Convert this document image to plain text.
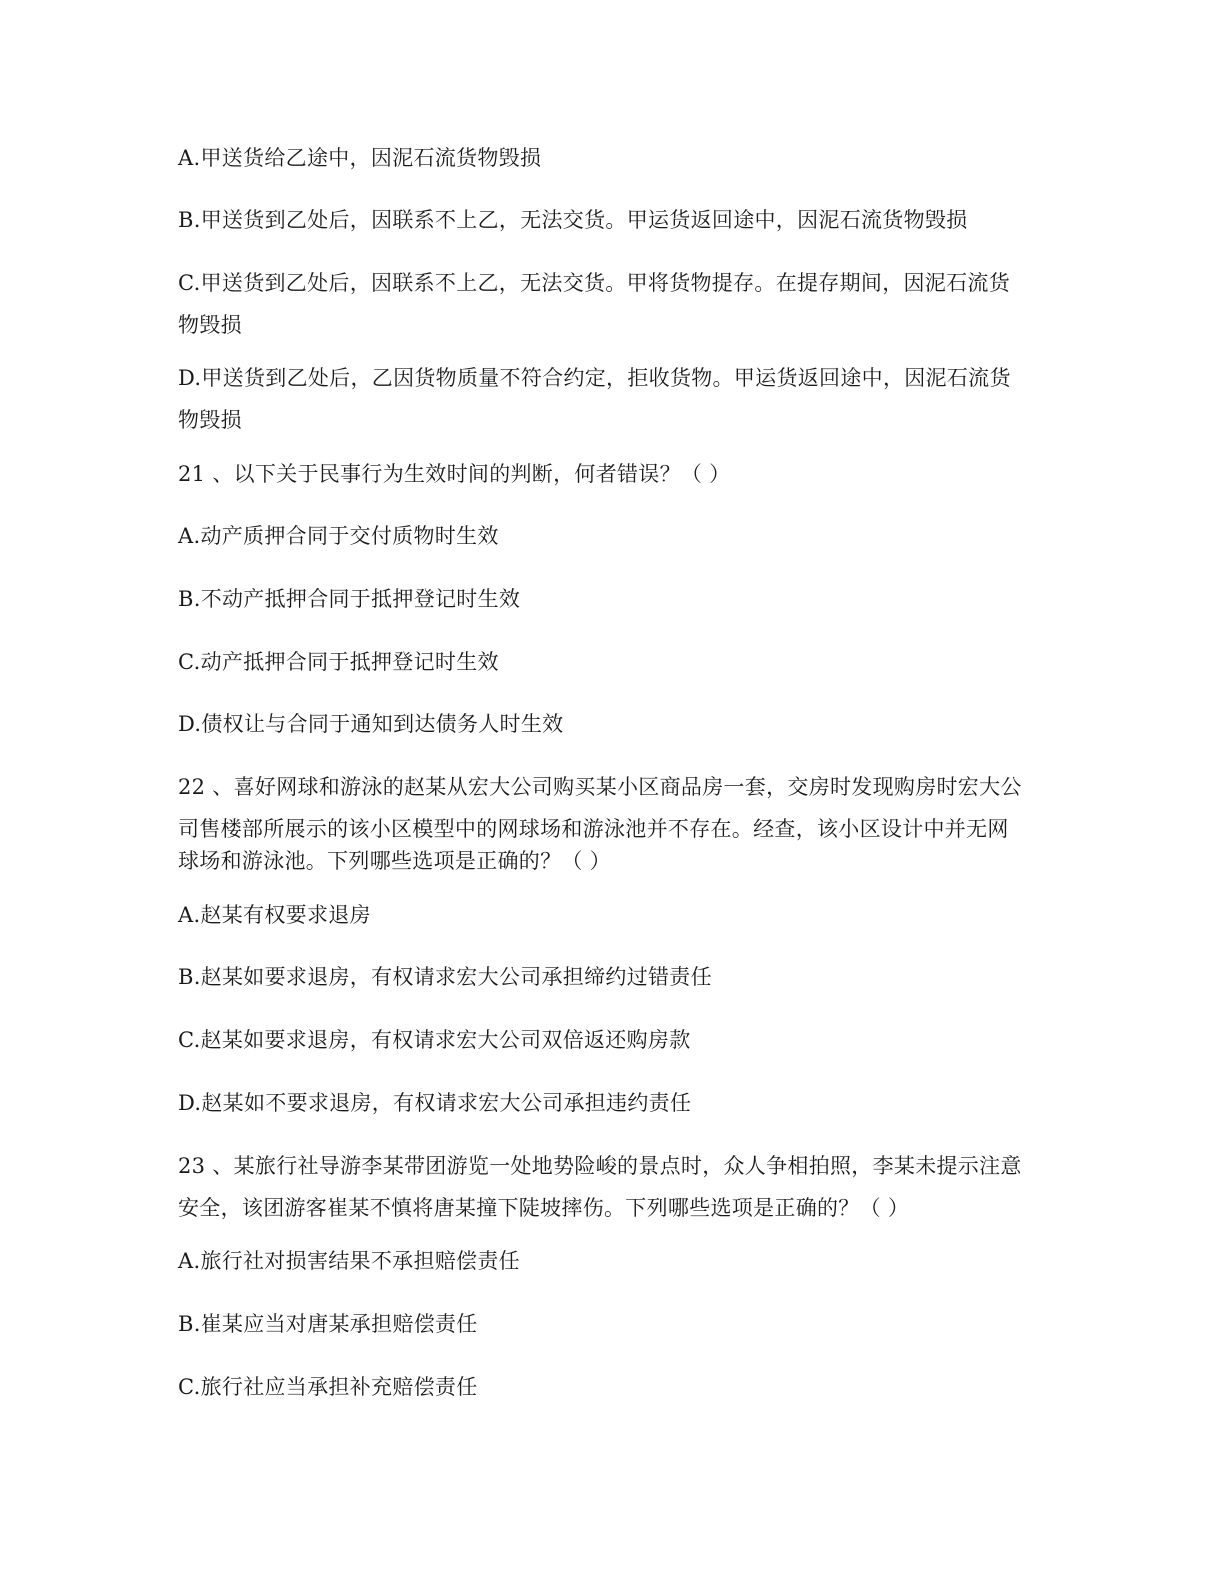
A.甲送货给乙途中，因泥石流货物毁损
B.甲送货到乙处后，因联系不上乙，无法交货。甲运货返回途中，因泥石流货物毁损
C.甲送货到乙处后，因联系不上乙，无法交货。甲将货物提存。在提存期间，因泥石流货
物毁损
D.甲送货到乙处后，乙因货物质量不符合约定，拒收货物。甲运货返回途中，因泥石流货
物毁损
21 、以下关于民事行为生效时间的判断，何者错误？（ ）
A.动产质押合同于交付质物时生效
B.不动产抵押合同于抵押登记时生效
C.动产抵押合同于抵押登记时生效
D.债权让与合同于通知到达债务人时生效
22 、喜好网球和游泳的赵某从宏大公司购买某小区商品房一套，交房时发现购房时宏大公
司售楼部所展示的该小区模型中的网球场和游泳池并不存在。经查，该小区设计中并无网
球场和游泳池。下列哪些选项是正确的？（ ）
A.赵某有权要求退房
B.赵某如要求退房，有权请求宏大公司承担缔约过错责任
C.赵某如要求退房，有权请求宏大公司双倍返还购房款
D.赵某如不要求退房，有权请求宏大公司承担违约责任
23 、某旅行社导游李某带团游览一处地势险峻的景点时，众人争相拍照，李某未提示注意
安全，该团游客崔某不慎将唐某撞下陡坡摔伤。下列哪些选项是正确的？（ ）
A.旅行社对损害结果不承担赔偿责任
B.崔某应当对唐某承担赔偿责任
C.旅行社应当承担补充赔偿责任
